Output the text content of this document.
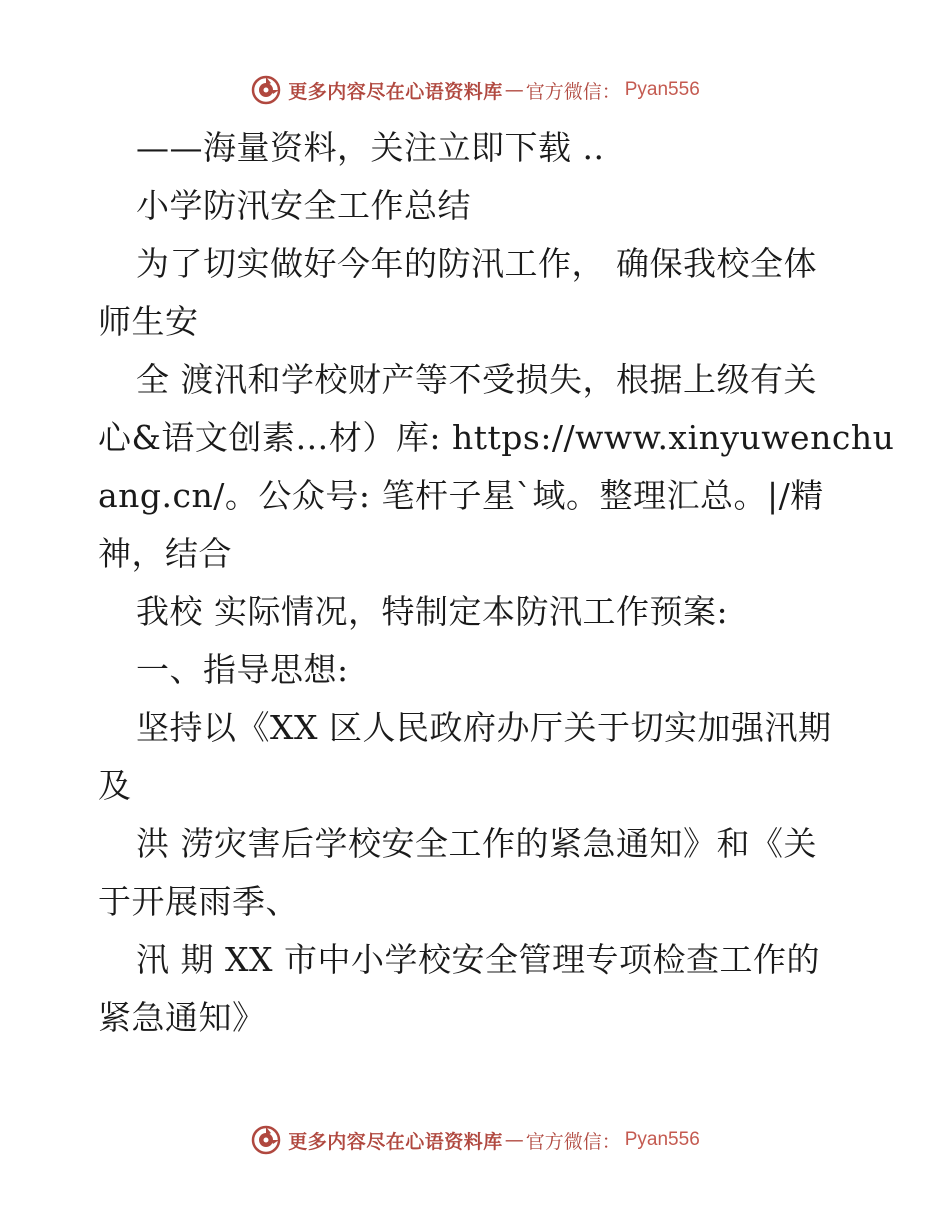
更多内容尽在心语资料库 — 官方微信： Pyan556
——海量资料，关注立即下载 ..
小学防汛安全工作总结
为了切实做好今年的防汛工作， 确保我校全体
师生安
全 渡汛和学校财产等不受损失，根据上级有关
心&语文创素…材）库: https://www.xinyuwenchu
ang.cn/。公众号: 笔杆子星`域。整理汇总。|/精
神，结合
我校 实际情况，特制定本防汛工作预案:
一、指导思想:
坚持以《XX 区人民政府办厅关于切实加强汛期
及
洪 涝灾害后学校安全工作的紧急通知》和《关
于开展雨季、
汛 期 XX 市中小学校安全管理专项检查工作的
紧急通知》
更多内容尽在心语资料库 — 官方微信： Pyan556
